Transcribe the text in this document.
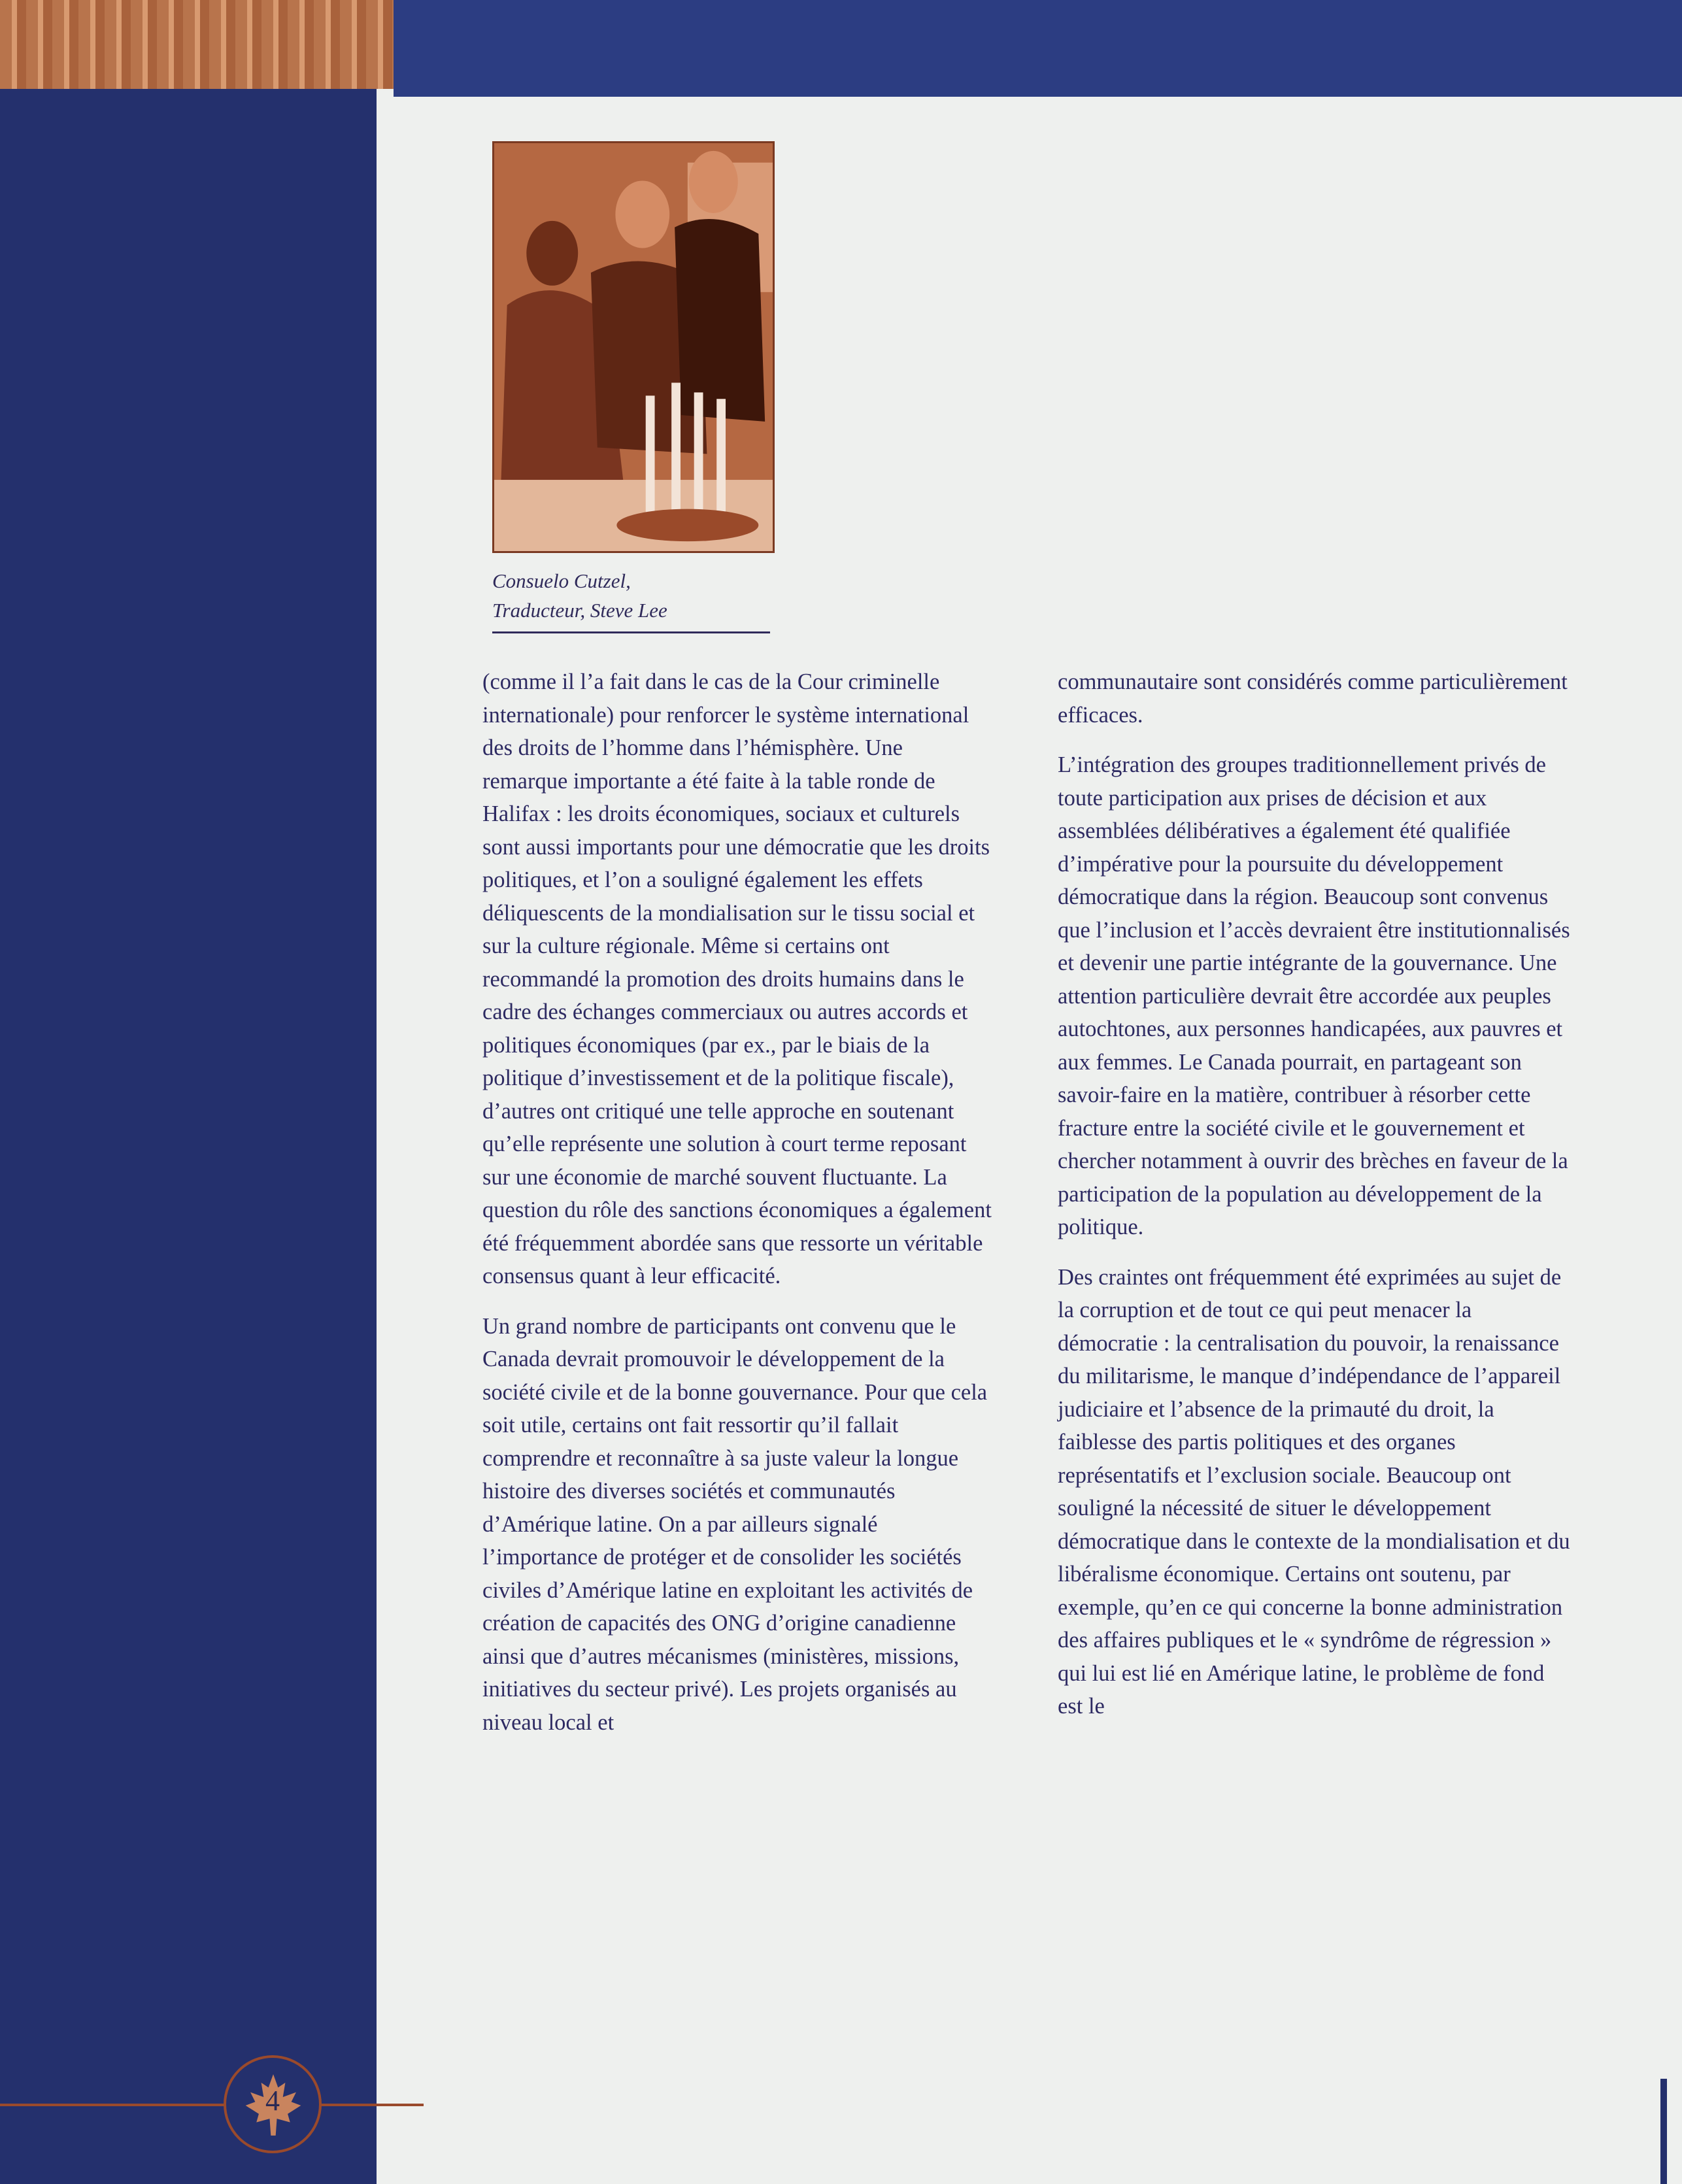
Consuelo Cutzel,
Traducteur, Steve Lee

(comme il l’a fait dans le cas de la Cour criminelle internationale) pour renforcer le système international des droits de l’homme dans l’hémisphère. Une remarque importante a été faite à la table ronde de Halifax : les droits économiques, sociaux et culturels sont aussi importants pour une démocratie que les droits politiques, et l’on a souligné également les effets déliquescents de la mondialisation sur le tissu social et sur la culture régionale. Même si certains ont recommandé la promotion des droits humains dans le cadre des échanges commerciaux ou autres accords et politiques économiques (par ex., par le biais de la politique d’investissement et de la politique fiscale), d’autres ont critiqué une telle approche en soutenant qu’elle représente une solution à court terme reposant sur une économie de marché souvent fluctuante. La question du rôle des sanctions économiques a également été fréquemment abordée sans que ressorte un véritable consensus quant à leur efficacité.

Un grand nombre de participants ont convenu que le Canada devrait promouvoir le développement de la société civile et de la bonne gouvernance. Pour que cela soit utile, certains ont fait ressortir qu’il fallait comprendre et reconnaître à sa juste valeur la longue histoire des diverses sociétés et communautés d’Amérique latine. On a par ailleurs signalé l’importance de protéger et de consolider les sociétés civiles d’Amérique latine en exploitant les activités de création de capacités des ONG d’origine canadienne ainsi que d’autres mécanismes (ministères, missions, initiatives du secteur privé). Les projets organisés au niveau local et

communautaire sont considérés comme particulièrement efficaces.

L’intégration des groupes traditionnellement privés de toute participation aux prises de décision et aux assemblées délibératives a également été qualifiée d’impérative pour la poursuite du développement démocratique dans la région. Beaucoup sont convenus que l’inclusion et l’accès devraient être institutionnalisés et devenir une partie intégrante de la gouvernance. Une attention particulière devrait être accordée aux peuples autochtones, aux personnes handicapées, aux pauvres et aux femmes. Le Canada pourrait, en partageant son savoir-faire en la matière, contribuer à résorber cette fracture entre la société civile et le gouvernement et chercher notamment à ouvrir des brèches en faveur de la participation de la population au développement de la politique.

Des craintes ont fréquemment été exprimées au sujet de la corruption et de tout ce qui peut menacer la démocratie : la centralisation du pouvoir, la renaissance du militarisme, le manque d’indépendance de l’appareil judiciaire et l’absence de la primauté du droit, la faiblesse des partis politiques et des organes représentatifs et l’exclusion sociale. Beaucoup ont souligné la nécessité de situer le développement démocratique dans le contexte de la mondialisation et du libéralisme économique. Certains ont soutenu, par exemple, qu’en ce qui concerne la bonne administration des affaires publiques et le « syndrôme de régression » qui lui est lié en Amérique latine, le problème de fond est le

4
